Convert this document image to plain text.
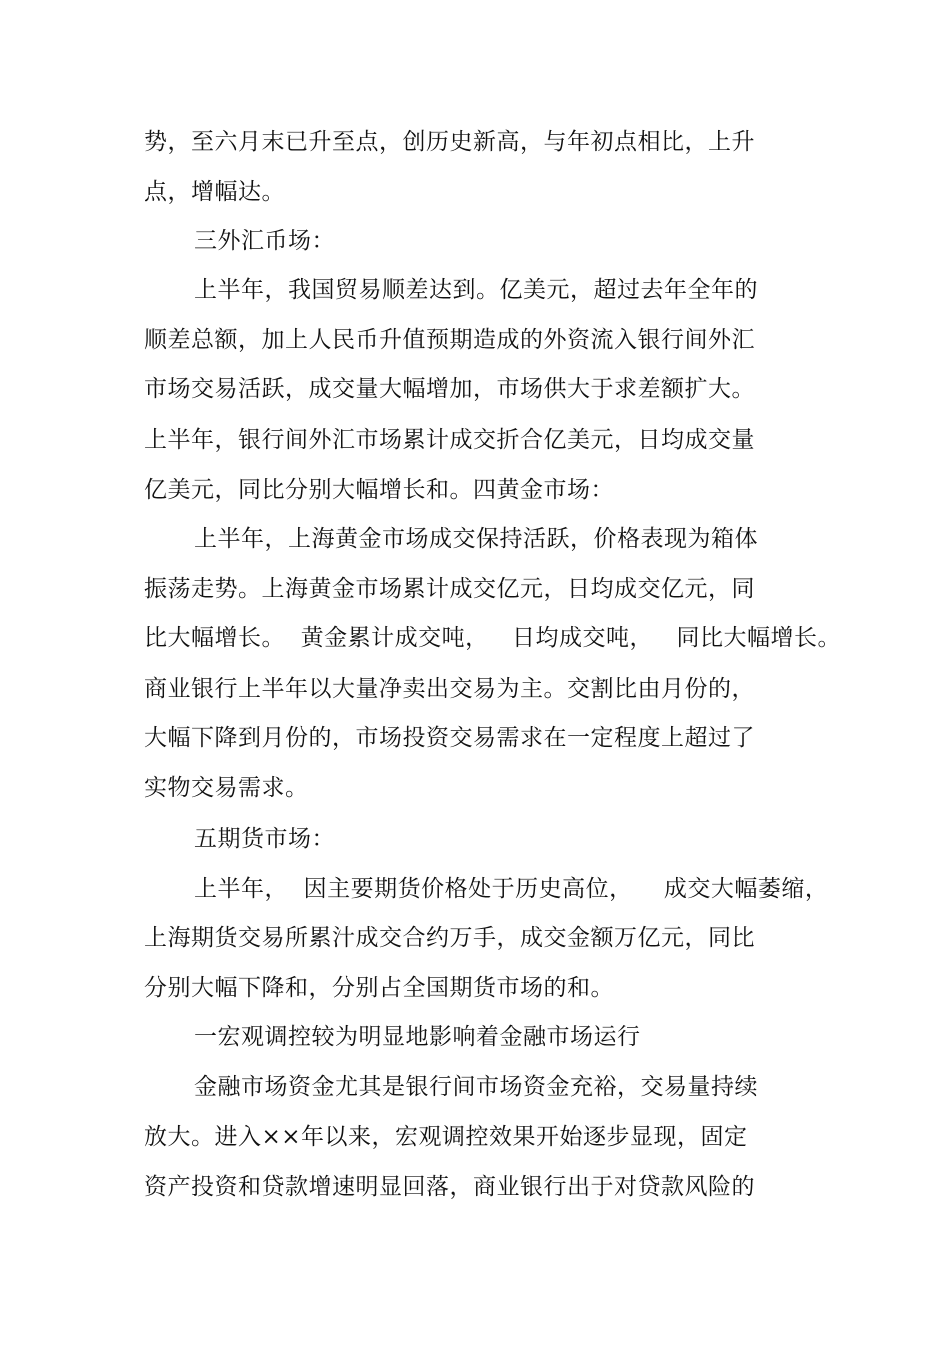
势，至六月末已升至点，创历史新高，与年初点相比，上升
点，增幅达。
三外汇币场：
上半年，我国贸易顺差达到。亿美元，超过去年全年的
顺差总额，加上人民币升值预期造成的外资流入银行间外汇
市场交易活跃，成交量大幅增加，市场供大于求差额扩大。
上半年，银行间外汇市场累计成交折合亿美元，日均成交量
亿美元，同比分别大幅增长和。四黄金市场：
上半年，上海黄金市场成交保持活跃，价格表现为箱体
振荡走势。上海黄金市场累计成交亿元，日均成交亿元，同
比大幅增长。  黄金累计成交吨，   日均成交吨，   同比大幅增长。
商业银行上半年以大量净卖出交易为主。交割比由月份的，
大幅下降到月份的，市场投资交易需求在一定程度上超过了
实物交易需求。
五期货市场：
上半年，  因主要期货价格处于历史高位，    成交大幅萎缩，
上海期货交易所累汁成交合约万手，成交金额万亿元，同比
分别大幅下降和，分别占全国期货市场的和。
一宏观调控较为明显地影响着金融市场运行
金融市场资金尤其是银行间市场资金充裕，交易量持续
放大。进入××年以来，宏观调控效果开始逐步显现，固定
资产投资和贷款增速明显回落，商业银行出于对贷款风险的
